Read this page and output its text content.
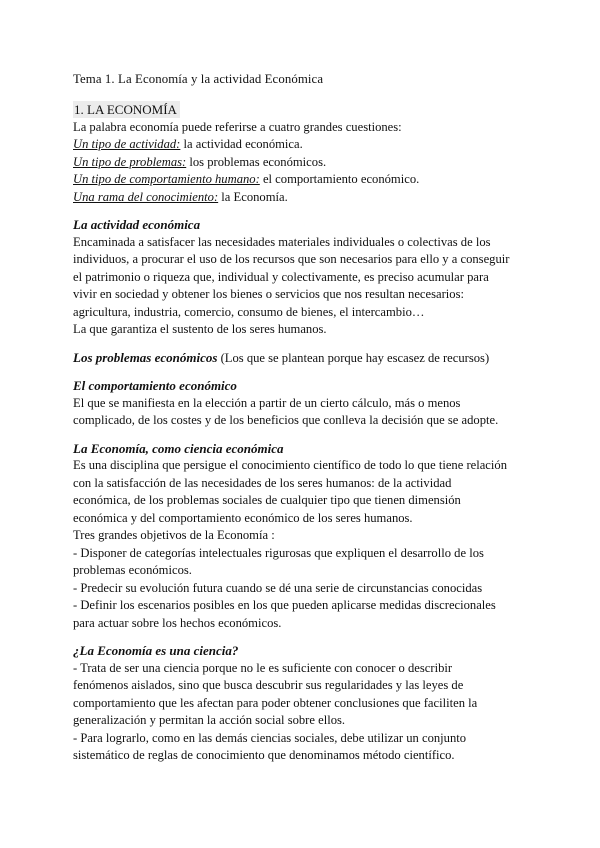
Tema 1. La Economía y la actividad Económica

1. LA ECONOMÍA

La palabra economía puede referirse a cuatro grandes cuestiones:

Un tipo de actividad: la actividad económica.

Un tipo de problemas: los problemas económicos.

Un tipo de comportamiento humano: el comportamiento económico.

Una rama del conocimiento: la Economía.

La actividad económica

Encaminada a satisfacer las necesidades materiales individuales o colectivas de los

individuos, a procurar el uso de los recursos que son necesarios para ello y a conseguir

el patrimonio o riqueza que, individual y colectivamente, es preciso acumular para

vivir en sociedad y obtener los bienes o servicios que nos resultan necesarios:

agricultura, industria, comercio, consumo de bienes, el intercambio…

La que garantiza el sustento de los seres humanos.

Los problemas económicos (Los que se plantean porque hay escasez de recursos)

El comportamiento económico

El que se manifiesta en la elección a partir de un cierto cálculo, más o menos

complicado, de los costes y de los beneficios que conlleva la decisión que se adopte.

La Economía, como ciencia económica

Es una disciplina que persigue el conocimiento científico de todo lo que tiene relación

con la satisfacción de las necesidades de los seres humanos: de la actividad

económica, de los problemas sociales de cualquier tipo que tienen dimensión

económica y del comportamiento económico de los seres humanos.

Tres grandes objetivos de la Economía :

- Disponer de categorías intelectuales rigurosas que expliquen el desarrollo de los

problemas económicos.

- Predecir su evolución futura cuando se dé una serie de circunstancias conocidas

- Definir los escenarios posibles en los que pueden aplicarse medidas discrecionales

para actuar sobre los hechos económicos.

¿La Economía es una ciencia?

- Trata de ser una ciencia porque no le es suficiente con conocer o describir

fenómenos aislados, sino que busca descubrir sus regularidades y las leyes de

comportamiento que les afectan para poder obtener conclusiones que faciliten la

generalización y permitan la acción social sobre ellos.

- Para lograrlo, como en las demás ciencias sociales, debe utilizar un conjunto

sistemático de reglas de conocimiento que denominamos método científico.
